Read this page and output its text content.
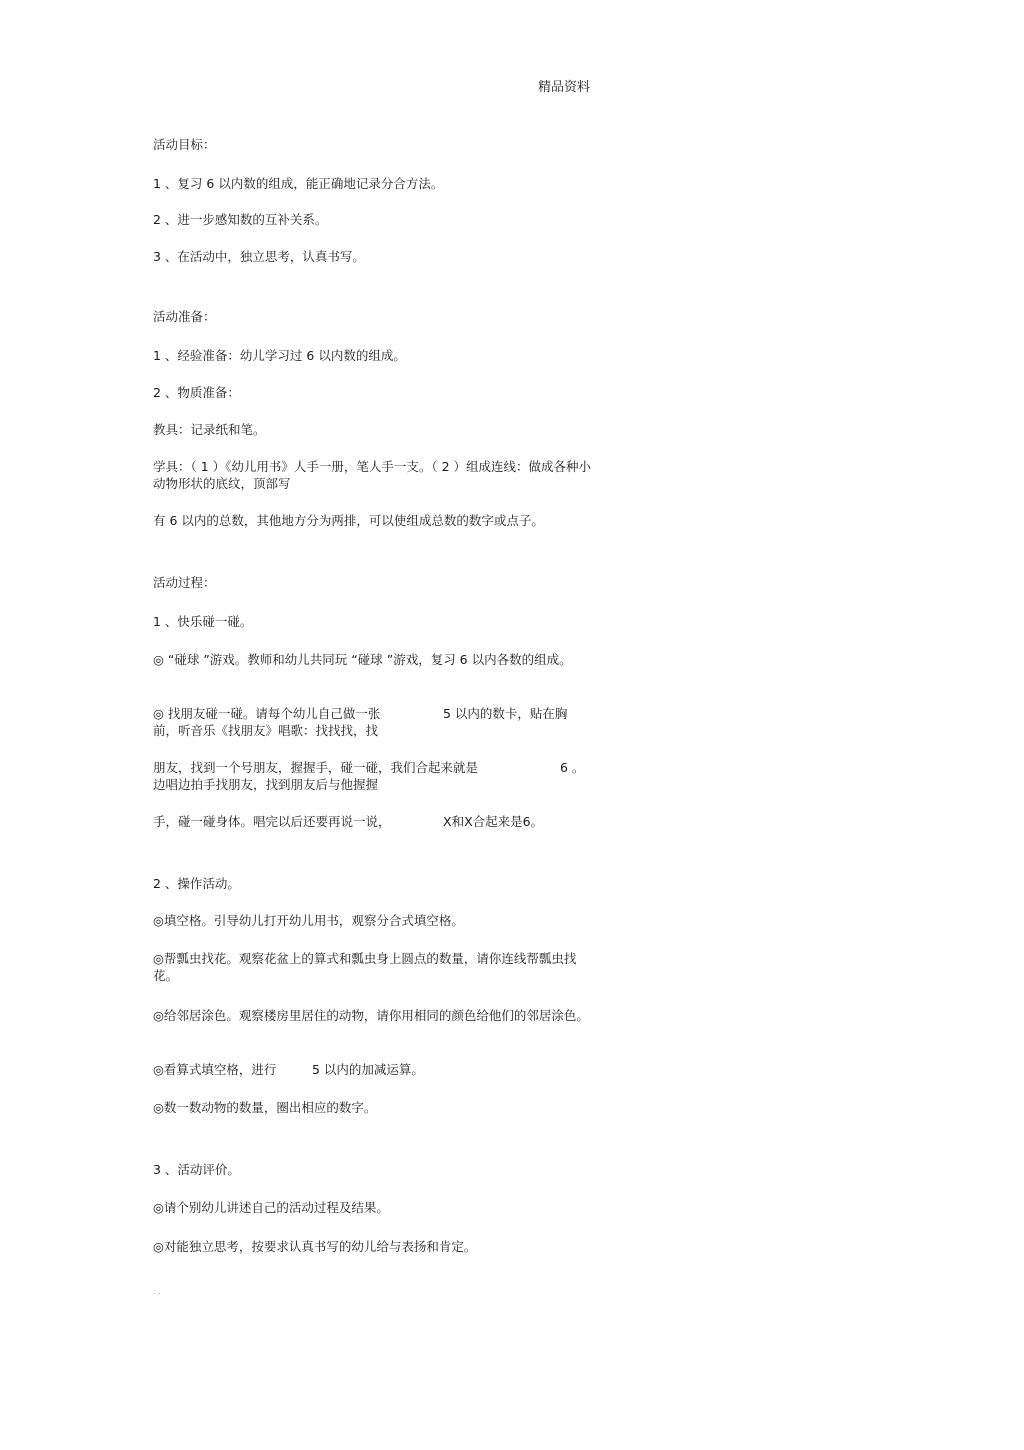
精品资料
活动目标：
1 、复习 6 以内数的组成，能正确地记录分合方法。
2 、进一步感知数的互补关系。
3 、在活动中，独立思考，认真书写。
活动准备：
1 、经验准备：幼儿学习过 6 以内数的组成。
2 、物质准备：
教具：记录纸和笔。
学具：（ 1 ）《幼儿用书》人手一册，笔人手一支。（ 2 ）组成连线：做成各种小动物形状的底纹，顶部写
有 6 以内的总数，其他地方分为两排，可以使组成总数的数字或点子。
活动过程：
1 、快乐碰一碰。
◎ “碰球 ”游戏。教师和幼儿共同玩 “碰球 ”游戏，复习 6 以内各数的组成。
◎ 找朋友碰一碰。请每个幼儿自己做一张	5 以内的数卡，贴在胸
前，听音乐《找朋友》唱歌：找找找，找
朋友，找到一个号朋友，握握手，碰一碰，我们合起来就是	6 。
边唱边拍手找朋友，找到朋友后与他握握
手，碰一碰身体。唱完以后还要再说一说，	X和X合起来是6。
2 、操作活动。
◎填空格。引导幼儿打开幼儿用书，观察分合式填空格。
◎帮瓢虫找花。观察花盆上的算式和瓢虫身上圆点的数量，请你连线帮瓢虫找花。
◎给邻居涂色。观察楼房里居住的动物，请你用相同的颜色给他们的邻居涂色。
◎看算式填空格，进行	5 以内的加减运算。
◎数一数动物的数量，圈出相应的数字。
3 、活动评价。
◎请个别幼儿讲述自己的活动过程及结果。
◎对能独立思考，按要求认真书写的幼儿给与表扬和肯定。
. .
